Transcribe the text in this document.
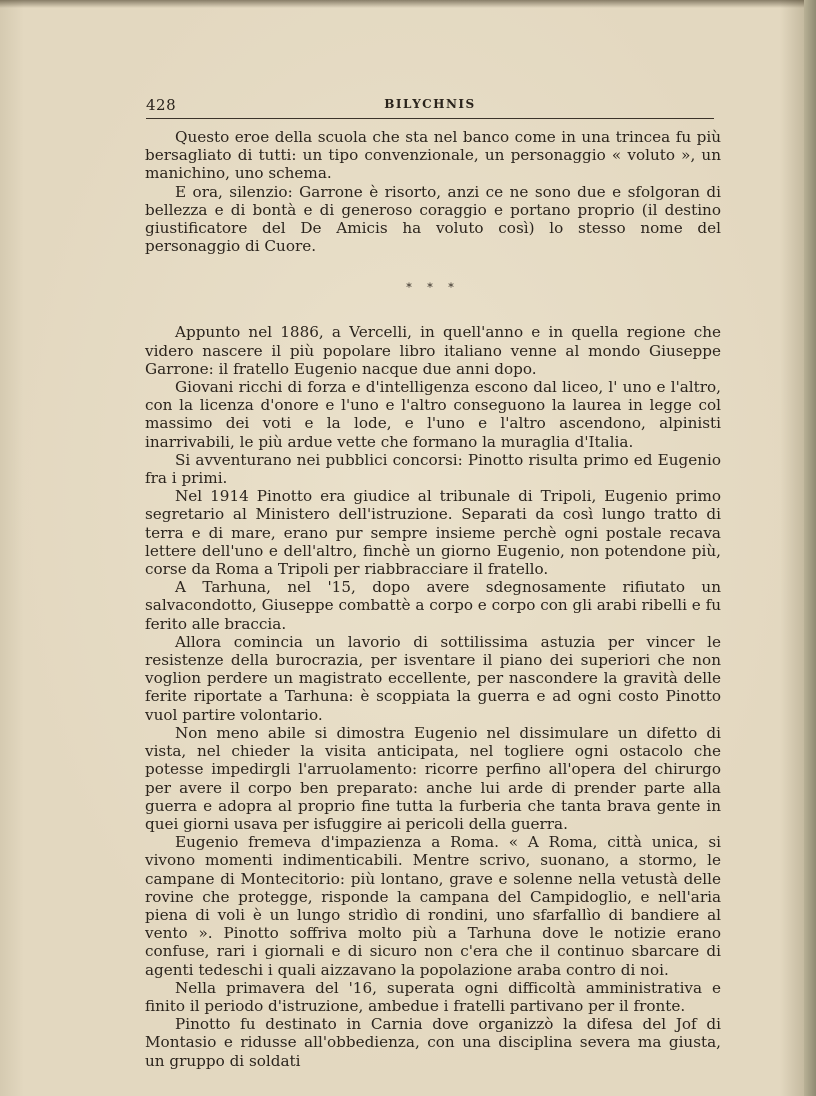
428	BILYCHNIS

Questo eroe della scuola che sta nel banco come in una trincea fu più bersagliato di tutti: un tipo convenzionale, un personaggio « voluto », un manichino, uno schema.

E ora, silenzio: Garrone è risorto, anzi ce ne sono due e sfolgoran di bellezza e di bontà e di generoso coraggio e portano proprio (il destino giustificatore del De Amicis ha voluto così) lo stesso nome del personaggio di Cuore.

* * *

Appunto nel 1886, a Vercelli, in quell'anno e in quella regione che videro nascere il più popolare libro italiano venne al mondo Giuseppe Garrone: il fratello Eugenio nacque due anni dopo.

Giovani ricchi di forza e d'intelligenza escono dal liceo, l' uno e l'altro, con la licenza d'onore e l'uno e l'altro conseguono la laurea in legge col massimo dei voti e la lode, e l'uno e l'altro ascendono, alpinisti inarrivabili, le più ardue vette che formano la muraglia d'Italia.

Si avventurano nei pubblici concorsi: Pinotto risulta primo ed Eugenio fra i primi.

Nel 1914 Pinotto era giudice al tribunale di Tripoli, Eugenio primo segretario al Ministero dell'istruzione. Separati da così lungo tratto di terra e di mare, erano pur sempre insieme perchè ogni postale recava lettere dell'uno e dell'altro, finchè un giorno Eugenio, non potendone più, corse da Roma a Tripoli per riabbracciare il fratello.

A Tarhuna, nel '15, dopo avere sdegnosamente rifiutato un salvacondotto, Giuseppe combattè a corpo e corpo con gli arabi ribelli e fu ferito alle braccia.

Allora comincia un lavorio di sottilissima astuzia per vincer le resistenze della burocrazia, per isventare il piano dei superiori che non voglion perdere un magistrato eccellente, per nascondere la gravità delle ferite riportate a Tarhuna: è scoppiata la guerra e ad ogni costo Pinotto vuol partire volontario.

Non meno abile si dimostra Eugenio nel dissimulare un difetto di vista, nel chieder la visita anticipata, nel togliere ogni ostacolo che potesse impedirgli l'arruolamento: ricorre perfino all'opera del chirurgo per avere il corpo ben preparato: anche lui arde di prender parte alla guerra e adopra al proprio fine tutta la furberia che tanta brava gente in quei giorni usava per isfuggire ai pericoli della guerra.

Eugenio fremeva d'impazienza a Roma. « A Roma, città unica, si vivono momenti indimenticabili. Mentre scrivo, suonano, a stormo, le campane di Montecitorio: più lontano, grave e solenne nella vetustà delle rovine che protegge, risponde la campana del Campidoglio, e nell'aria piena di voli è un lungo stridìo di rondini, uno sfarfallìo di bandiere al vento ». Pinotto soffriva molto più a Tarhuna dove le notizie erano confuse, rari i giornali e di sicuro non c'era che il continuo sbarcare di agenti tedeschi i quali aizzavano la popolazione araba contro di noi.

Nella primavera del '16, superata ogni difficoltà amministrativa e finito il periodo d'istruzione, ambedue i fratelli partivano per il fronte.

Pinotto fu destinato in Carnia dove organizzò la difesa del Jof di Montasio e ridusse all'obbedienza, con una disciplina severa ma giusta, un gruppo di soldati
